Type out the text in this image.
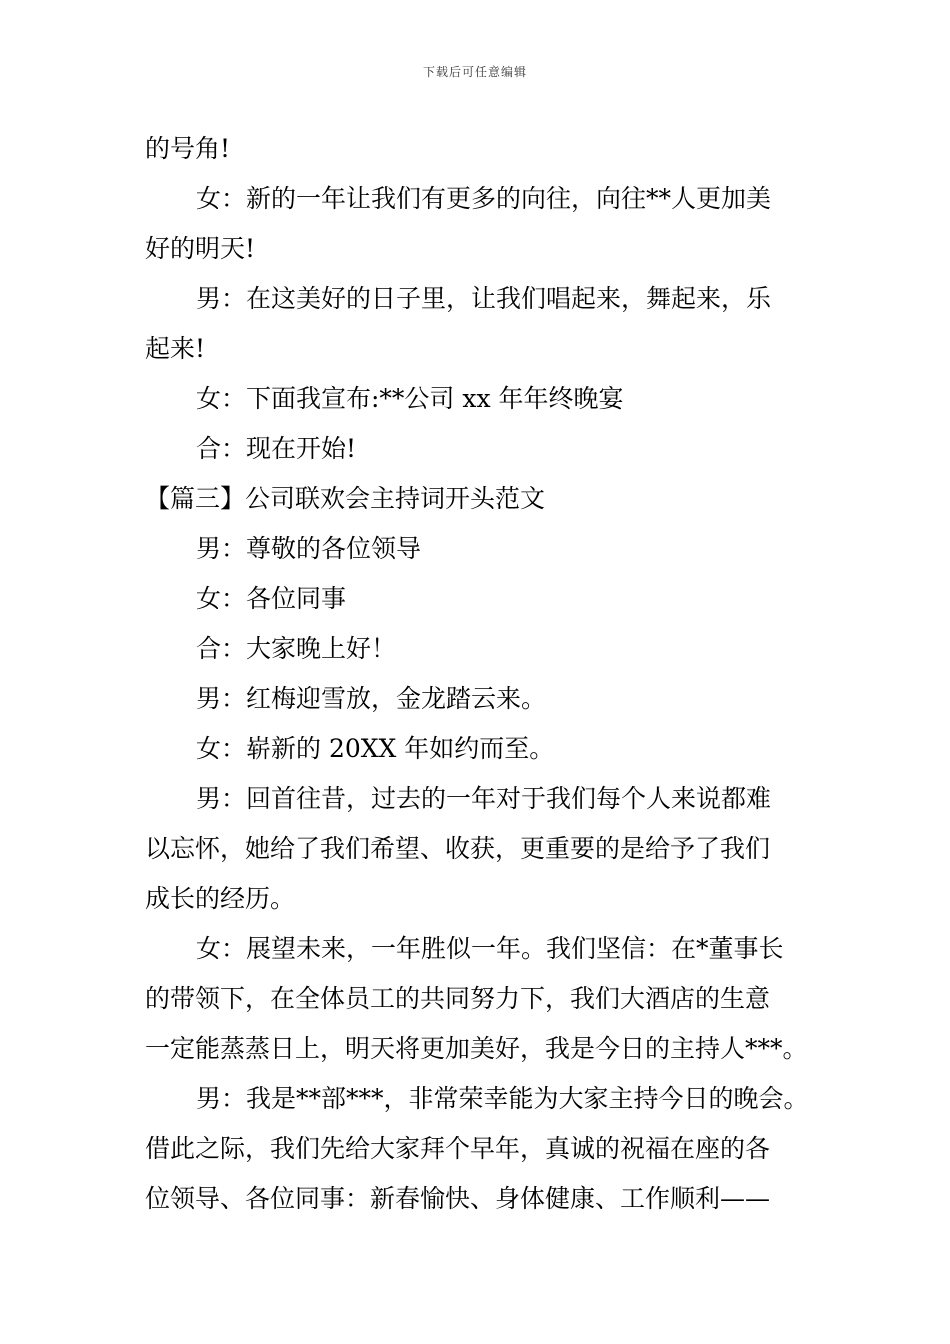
下载后可任意编辑
的号角!
女：新的一年让我们有更多的向往，向往**人更加美
好的明天!
男：在这美好的日子里，让我们唱起来，舞起来，乐
起来!
女：下面我宣布:**公司 xx 年年终晚宴
合：现在开始!
【篇三】公司联欢会主持词开头范文
男：尊敬的各位领导
女：各位同事
合：大家晚上好！
男：红梅迎雪放，金龙踏云来。
女：崭新的 20XX 年如约而至。
男：回首往昔，过去的一年对于我们每个人来说都难
以忘怀，她给了我们希望、收获，更重要的是给予了我们
成长的经历。
女：展望未来，一年胜似一年。我们坚信：在*董事长
的带领下，在全体员工的共同努力下，我们大酒店的生意
一定能蒸蒸日上，明天将更加美好，我是今日的主持人***。
男：我是**部***，非常荣幸能为大家主持今日的晚会。
借此之际，我们先给大家拜个早年，真诚的祝福在座的各
位领导、各位同事：新春愉快、身体健康、工作顺利——
